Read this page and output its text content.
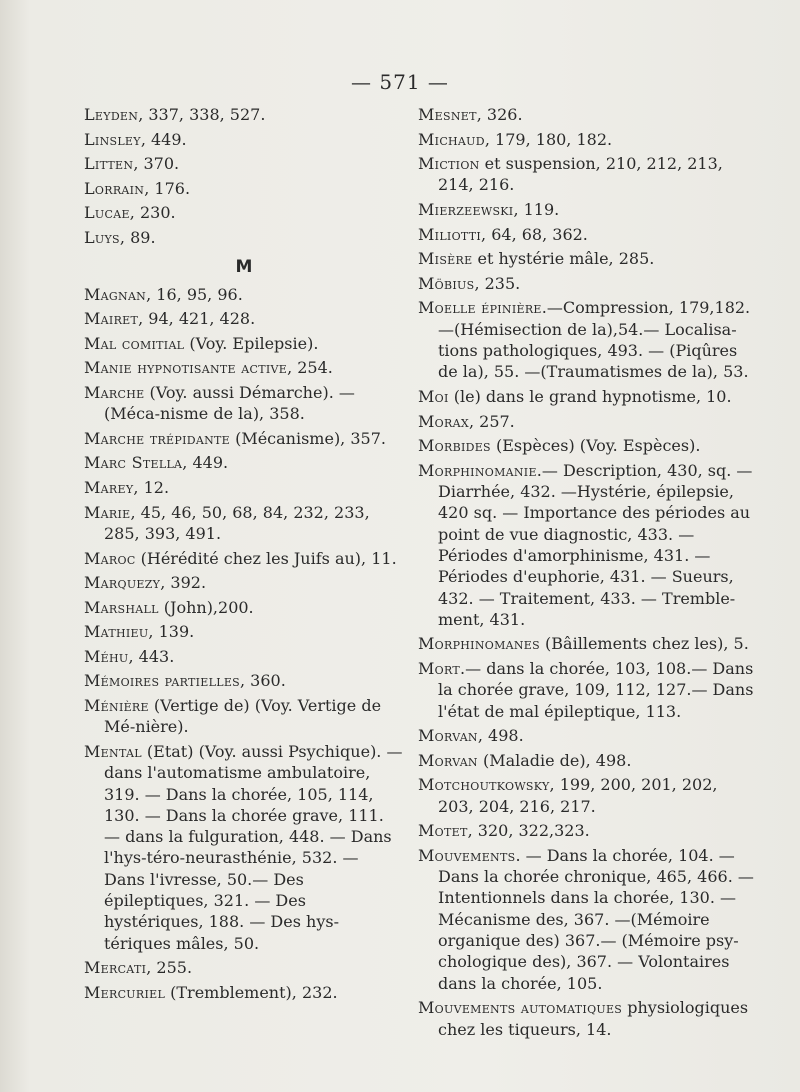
— 571 —
Leyden, 337, 338, 527.
Linsley, 449.
Litten, 370.
Lorrain, 176.
Lucae, 230.
Luys, 89.
M
Magnan, 16, 95, 96.
Mairet, 94, 421, 428.
Mal comitial (Voy. Epilepsie).
Manie hypnotisante active, 254.
Marche (Voy. aussi Démarche). — (Méca-nisme de la), 358.
Marche trépidante (Mécanisme), 357.
Marc Stella, 449.
Marey, 12.
Marie, 45, 46, 50, 68, 84, 232, 233, 285, 393, 491.
Maroc (Hérédité chez les Juifs au), 11.
Marquezy, 392.
Marshall (John),200.
Mathieu, 139.
Méhu, 443.
Mémoires partielles, 360.
Ménière (Vertige de) (Voy. Vertige de Mé-nière).
Mental (Etat) (Voy. aussi Psychique). — dans l'automatisme ambulatoire, 319. — Dans la chorée, 105, 114, 130. — Dans la chorée grave, 111. — dans la fulguration, 448. — Dans l'hys-téro-neurasthénie, 532. — Dans l'ivresse, 50.— Des épileptiques, 321. — Des hystériques, 188. — Des hys-tériques mâles, 50.
Mercati, 255.
Mercuriel (Tremblement), 232.
Mesnet, 326.
Michaud, 179, 180, 182.
Miction et suspension, 210, 212, 213, 214, 216.
Mierzeewski, 119.
Miliotti, 64, 68, 362.
Misère et hystérie mâle, 285.
Möbius, 235.
Moelle épinière.—Compression, 179,182. —(Hémisection de la),54.— Localisa-tions pathologiques, 493. — (Piqûres de la), 55. —(Traumatismes de la), 53.
Moi (le) dans le grand hypnotisme, 10.
Morax, 257.
Morbides (Espèces) (Voy. Espèces).
Morphinomanie.— Description, 430, sq. — Diarrhée, 432. —Hystérie, épilepsie, 420 sq. — Importance des périodes au point de vue diagnostic, 433. — Périodes d'amorphinisme, 431. — Périodes d'euphorie, 431. — Sueurs, 432. — Traitement, 433. — Tremble-ment, 431.
Morphinomanes (Bâillements chez les), 5.
Mort.— dans la chorée, 103, 108.— Dans la chorée grave, 109, 112, 127.— Dans l'état de mal épileptique, 113.
Morvan, 498.
Morvan (Maladie de), 498.
Motchoutkowsky, 199, 200, 201, 202, 203, 204, 216, 217.
Motet, 320, 322,323.
Mouvements. — Dans la chorée, 104. — Dans la chorée chronique, 465, 466. — Intentionnels dans la chorée, 130. — Mécanisme des, 367. —(Mémoire organique des) 367.— (Mémoire psy-chologique des), 367. — Volontaires dans la chorée, 105.
Mouvements automatiques physiologiques chez les tiqueurs, 14.
